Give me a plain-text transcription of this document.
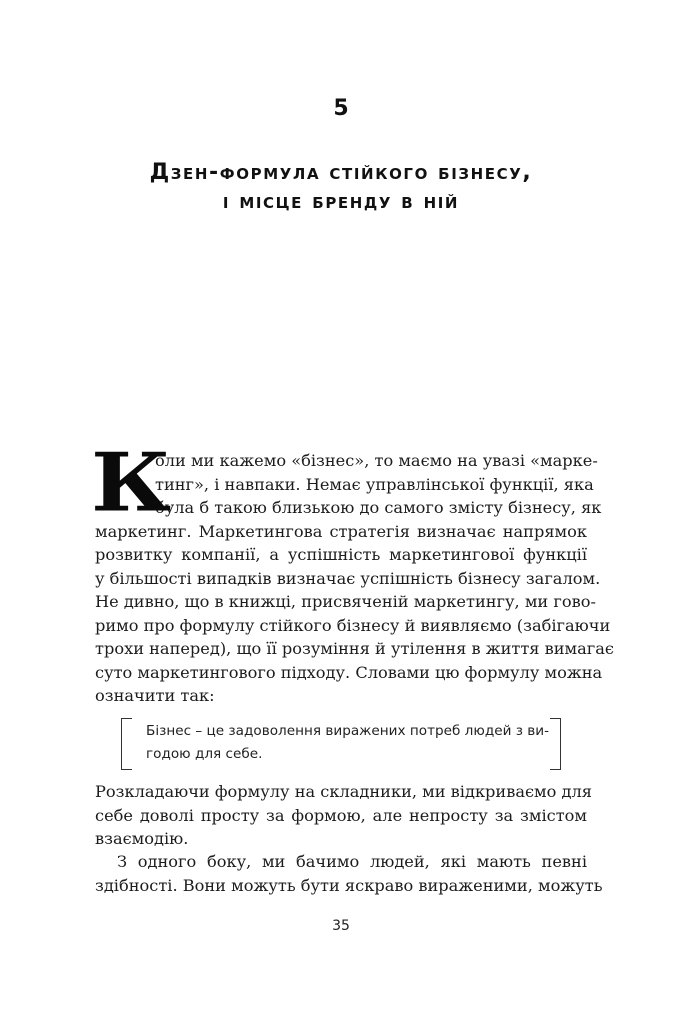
5
Дзен-формула стійкого бізнесу,
і місце бренду в ній
К
оли ми кажемо «бізнес», то маємо на увазі «марке-
тинг», і навпаки. Немає управлінської функції, яка
була б такою близькою до самого змісту бізнесу, як
маркетинг. Маркетингова стратегія визначає напрямок
розвитку компанії, а успішність маркетингової функції
у більшості випадків визначає успішність бізнесу загалом.
Не дивно, що в книжці, присвяченій маркетингу, ми гово-
римо про формулу стійкого бізнесу й виявляємо (забігаючи
трохи наперед), що її розуміння й утілення в життя вимагає
суто маркетингового підходу. Словами цю формулу можна
означити так:
Бізнес – це задоволення виражених потреб людей з ви-
годою для себе.
Розкладаючи формулу на складники, ми відкриваємо для
себе доволі просту за формою, але непросту за змістом
взаємодію.
З одного боку, ми бачимо людей, які мають певні
здібності. Вони можуть бути яскраво вираженими, можуть
35
